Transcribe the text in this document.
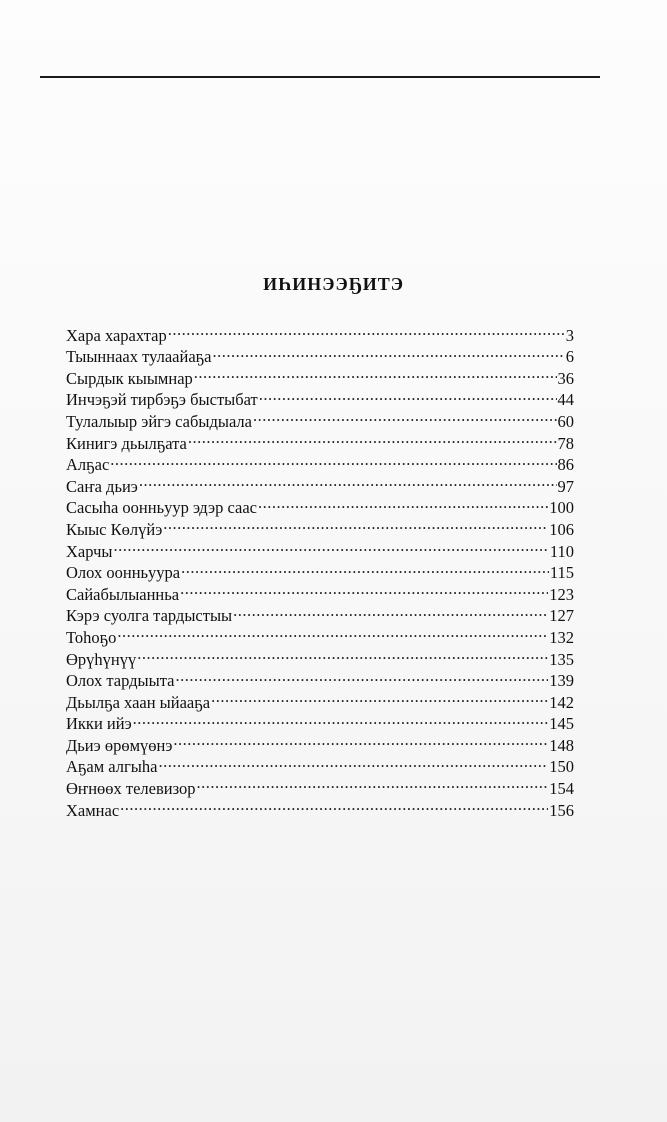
ИҺИНЭЭҔИТЭ
Хара харахтар .....	3
Тыыннаах тулаайаҕа .....	6
Сырдык кыымнар .....	36
Инчэҕэй тирбэҕэ быстыбат .....	44
Тулалыыр эйгэ сабыдыала .....	60
Кинигэ дьылҕата .....	78
Алҕас .....	86
Саҥа дьиэ .....	97
Сасыһа оонньуур эдэр саас .....	100
Кыыс Көлүйэ .....	106
Харчы .....	110
Олох оонньуура .....	115
Сайабылыанньа .....	123
Кэрэ суолга тардыстыы .....	127
Тоһоҕо .....	132
Өрүһүнүү .....	135
Олох тардыыта .....	139
Дьылҕа хаан ыйааҕа .....	142
Икки ийэ .....	145
Дьиэ өрөмүөнэ .....	148
Аҕам алгыһа .....	150
Өҥнөөх телевизор .....	154
Хамнас .....	156
